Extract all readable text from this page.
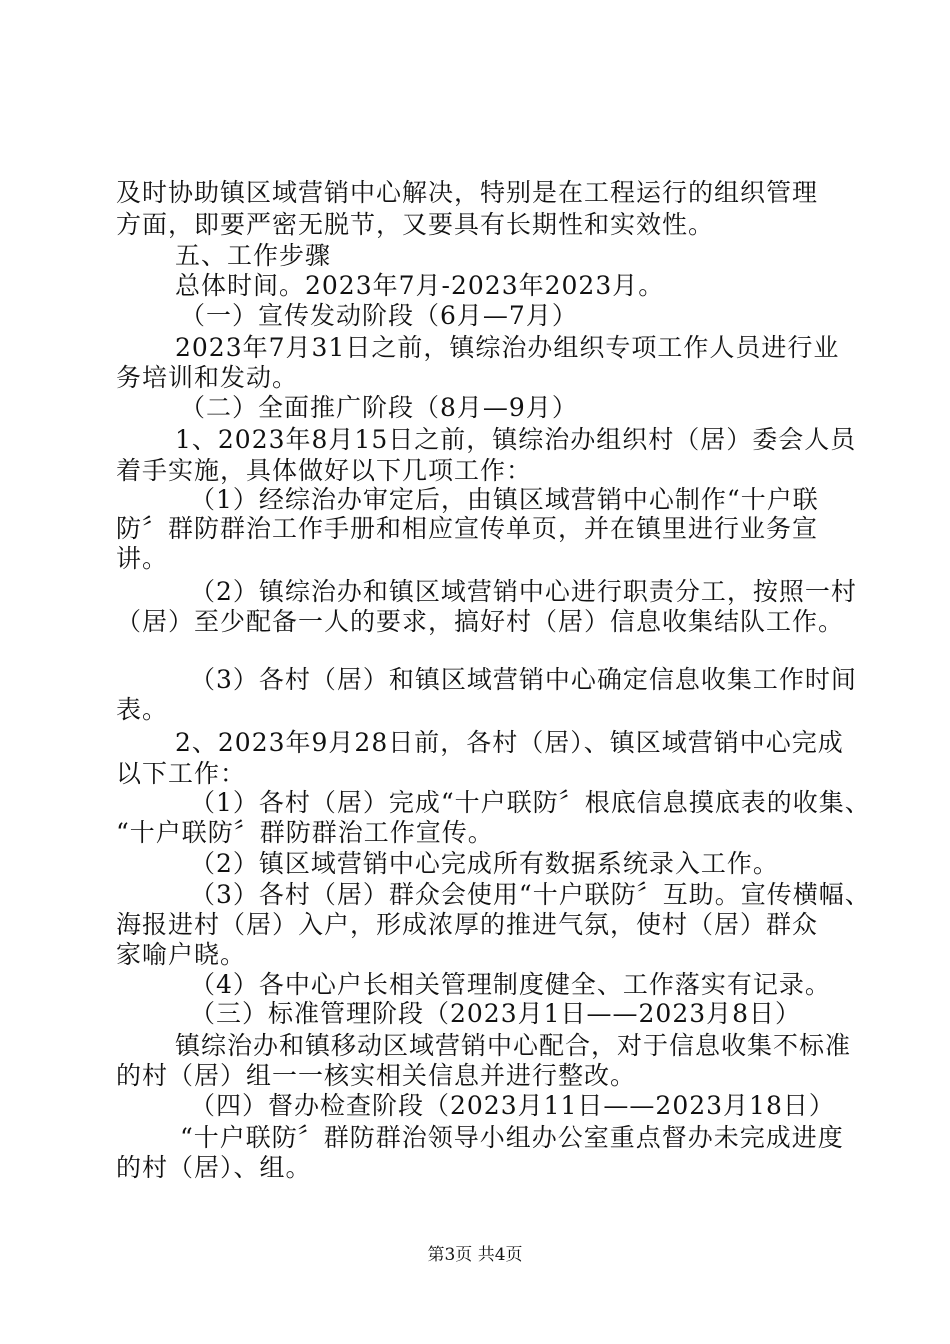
及时协助镇区域营销中心解决，特别是在工程运行的组织管理
方面，即要严密无脱节，又要具有长期性和实效性。
五、工作步骤
总体时间。2023年7月-2023年2023月。
（一）宣传发动阶段（6月—7月）
2023年7月31日之前，镇综治办组织专项工作人员进行业
务培训和发动。
（二）全面推广阶段（8月—9月）
1、2023年8月15日之前，镇综治办组织村（居）委会人员
着手实施，具体做好以下几项工作：
（1）经综治办审定后，由镇区域营销中心制作“十户联
防〞群防群治工作手册和相应宣传单页，并在镇里进行业务宣
讲。
（2）镇综治办和镇区域营销中心进行职责分工，按照一村
（居）至少配备一人的要求，搞好村（居）信息收集结队工作。
（3）各村（居）和镇区域营销中心确定信息收集工作时间
表。
2、2023年9月28日前，各村（居）、镇区域营销中心完成
以下工作：
（1）各村（居）完成“十户联防〞根底信息摸底表的收集、
“十户联防〞群防群治工作宣传。
（2）镇区域营销中心完成所有数据系统录入工作。
（3）各村（居）群众会使用“十户联防〞互助。宣传横幅、
海报进村（居）入户，形成浓厚的推进气氛，使村（居）群众
家喻户晓。
（4）各中心户长相关管理制度健全、工作落实有记录。
（三）标准管理阶段（2023月1日——2023月8日）
镇综治办和镇移动区域营销中心配合，对于信息收集不标准
的村（居）组一一核实相关信息并进行整改。
（四）督办检查阶段（2023月11日——2023月18日）
“十户联防〞群防群治领导小组办公室重点督办未完成进度
的村（居）、组。
第3页 共4页
